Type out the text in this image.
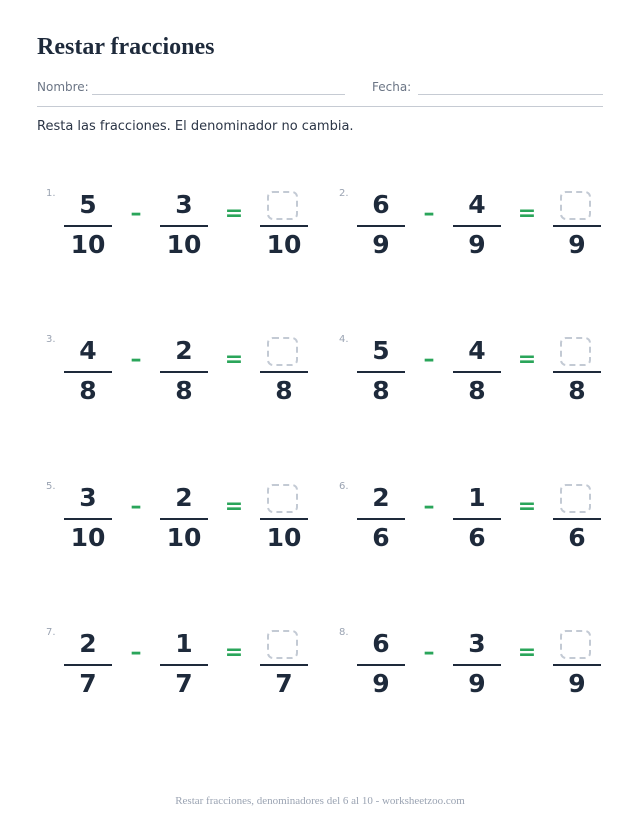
Restar fracciones
Nombre:	Fecha:

Resta las fracciones. El denominador no cambia.

1. 5
10
–	3
10
=
10
2. 6
9
–	4
9
=
9
3. 4
8
–	2
8
=
8
4. 5
8
–	4
8
=
8
5. 3
10
–	2
10
=
10
6. 2
6
–	1
6
=
6
7. 2
7
–	1
7
=
7
8. 6
9
–	3
9
=
9
Restar fracciones, denominadores del 6 al 10 - worksheetzoo.com
